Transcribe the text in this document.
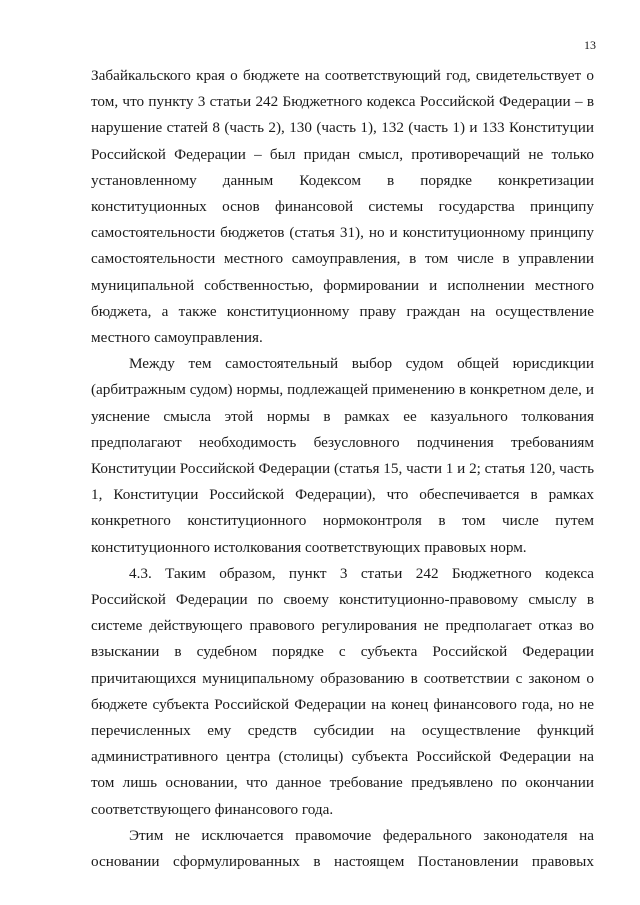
13

Забайкальского края о бюджете на соответствующий год, свидетельствует о том, что пункту 3 статьи 242 Бюджетного кодекса Российской Федерации – в нарушение статей 8 (часть 2), 130 (часть 1), 132 (часть 1) и 133 Конституции Российской Федерации – был придан смысл, противоречащий не только установленному данным Кодексом в порядке конкретизации конституционных основ финансовой системы государства принципу самостоятельности бюджетов (статья 31), но и конституционному принципу самостоятельности местного самоуправления, в том числе в управлении муниципальной собственностью, формировании и исполнении местного бюджета, а также конституционному праву граждан на осуществление местного самоуправления.

Между тем самостоятельный выбор судом общей юрисдикции (арбитражным судом) нормы, подлежащей применению в конкретном деле, и уяснение смысла этой нормы в рамках ее казуального толкования предполагают необходимость безусловного подчинения требованиям Конституции Российской Федерации (статья 15, части 1 и 2; статья 120, часть 1, Конституции Российской Федерации), что обеспечивается в рамках конкретного конституционного нормоконтроля в том числе путем конституционного истолкования соответствующих правовых норм.

4.3. Таким образом, пункт 3 статьи 242 Бюджетного кодекса Российской Федерации по своему конституционно-правовому смыслу в системе действующего правового регулирования не предполагает отказ во взыскании в судебном порядке с субъекта Российской Федерации причитающихся муниципальному образованию в соответствии с законом о бюджете субъекта Российской Федерации на конец финансового года, но не перечисленных ему средств субсидии на осуществление функций административного центра (столицы) субъекта Российской Федерации на том лишь основании, что данное требование предъявлено по окончании соответствующего финансового года.

Этим не исключается правомочие федерального законодателя на основании сформулированных в настоящем Постановлении правовых
